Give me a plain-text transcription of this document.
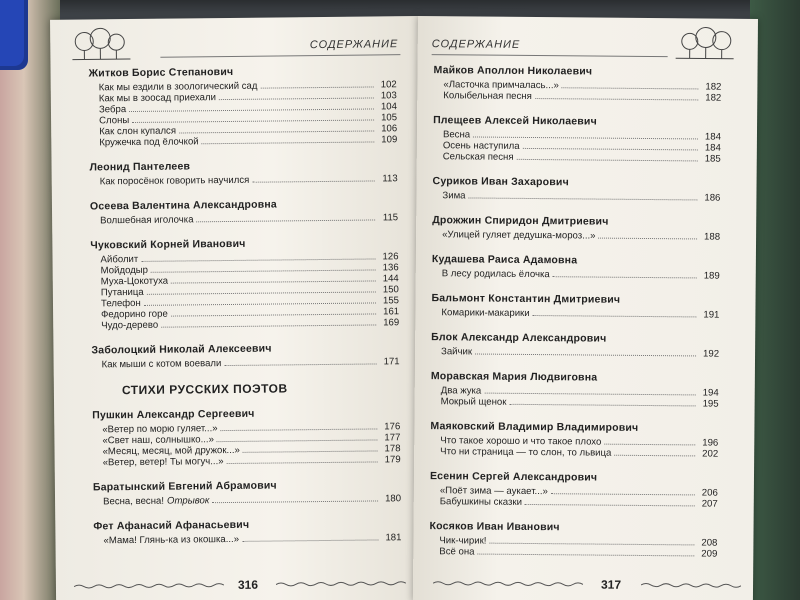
СОДЕРЖАНИЕ
Житков Борис Степанович
Как мы ездили в зоологический сад	102
Как мы в зоосад приехали	103
Зебра	104
Слоны	105
Как слон купался	106
Кружечка под ёлочкой	109
Леонид Пантелеев
Как поросёнок говорить научился	113
Осеева Валентина Александровна
Волшебная иголочка	115
Чуковский Корней Иванович
Айболит	126
Мойдодыр	136
Муха-Цокотуха	144
Путаница	150
Телефон	155
Федорино горе	161
Чудо-дерево	169
Заболоцкий Николай Алексеевич
Как мыши с котом воевали	171
СТИХИ РУССКИХ ПОЭТОВ
Пушкин Александр Сергеевич
«Ветер по морю гуляет...»	176
«Свет наш, солнышко...»	177
«Месяц, месяц, мой дружок...»	178
«Ветер, ветер! Ты могуч...»	179
Баратынский Евгений Абрамович
Весна, весна! Отрывок	180
Фет Афанасий Афанасьевич
«Мама! Глянь-ка из окошка...»	181
316
СОДЕРЖАНИЕ
Майков Аполлон Николаевич
«Ласточка примчалась...»	182
Колыбельная песня	182
Плещеев Алексей Николаевич
Весна	184
Осень наступила	184
Сельская песня	185
Суриков Иван Захарович
Зима	186
Дрожжин Спиридон Дмитриевич
«Улицей гуляет дедушка-мороз...»	188
Кудашева Раиса Адамовна
В лесу родилась ёлочка	189
Бальмонт Константин Дмитриевич
Комарики-макарики	191
Блок Александр Александрович
Зайчик	192
Моравская Мария Людвиговна
Два жука	194
Мокрый щенок	195
Маяковский Владимир Владимирович
Что такое хорошо и что такое плохо	196
Что ни страница — то слон, то львица	202
Есенин Сергей Александрович
«Поёт зима — аукает...»	206
Бабушкины сказки	207
Косяков Иван Иванович
Чик-чирик!	208
Всё она	209
317
